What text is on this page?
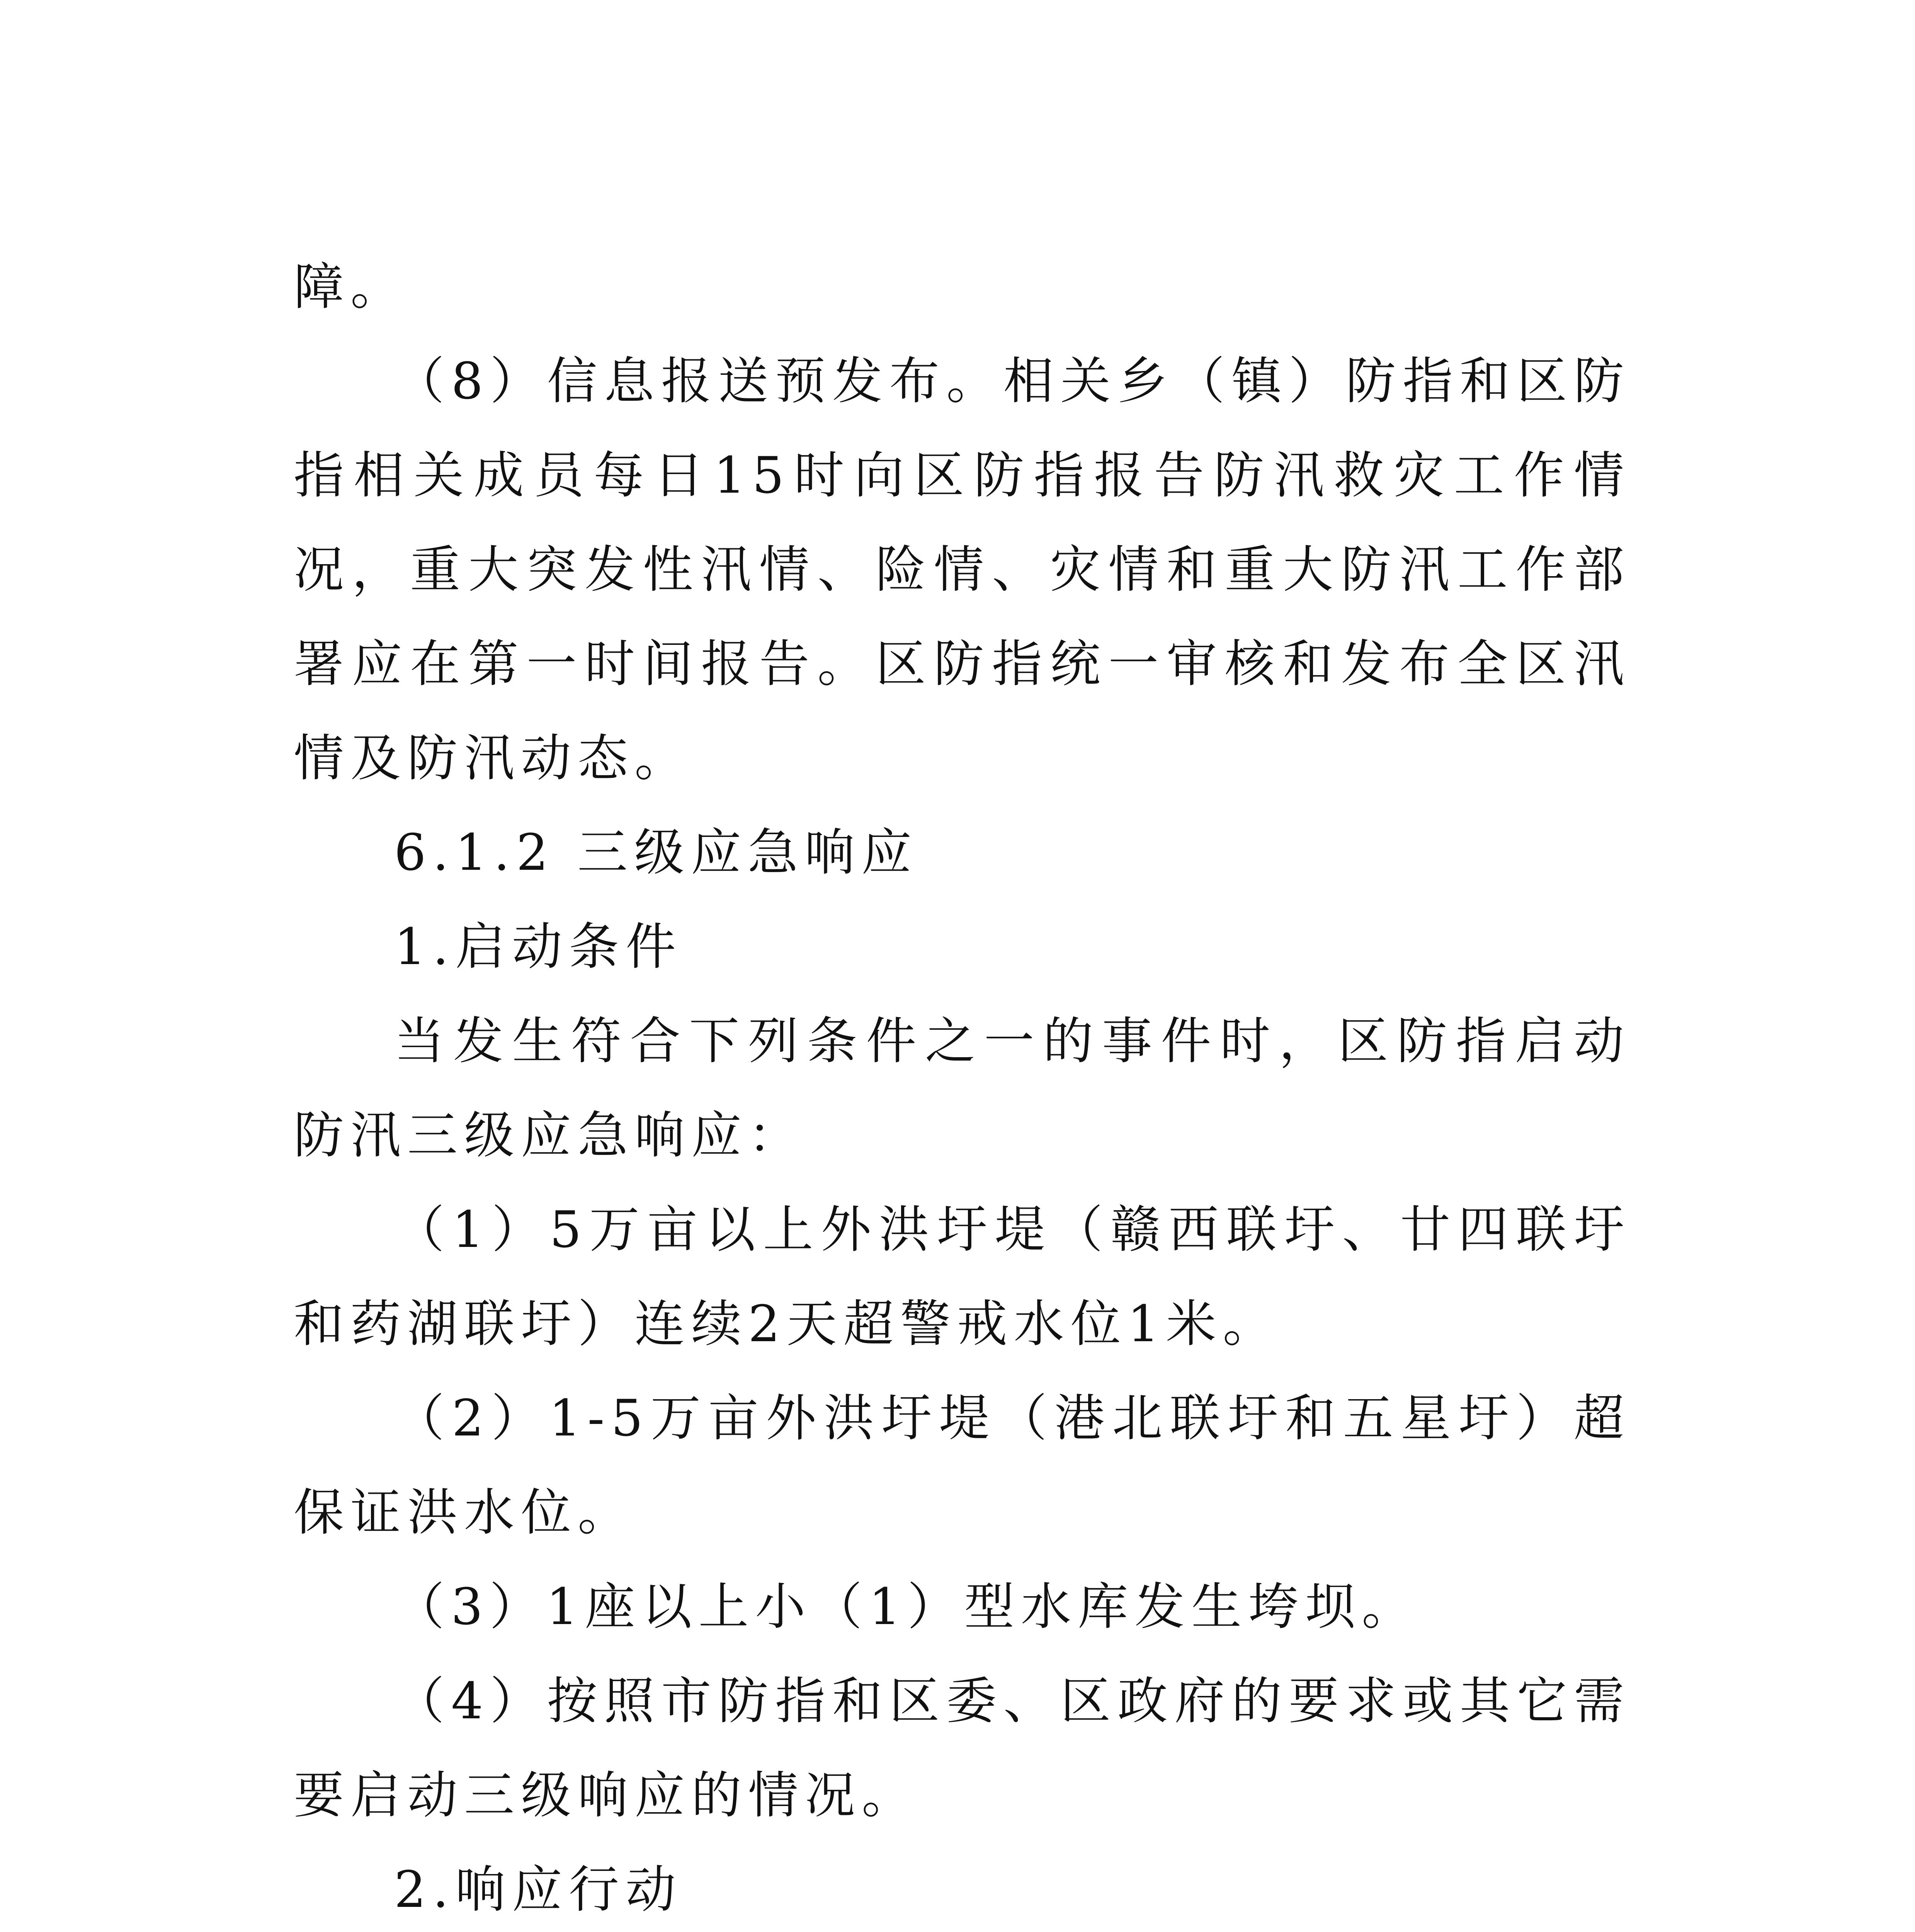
障。

（8）信息报送预发布。相关乡（镇）防指和区防指相关成员每日15时向区防指报告防汛救灾工作情况，重大突发性汛情、险情、灾情和重大防汛工作部署应在第一时间报告。区防指统一审核和发布全区汛情及防汛动态。

6.1.2 三级应急响应

1.启动条件

当发生符合下列条件之一的事件时，区防指启动防汛三级应急响应：

（1）5万亩以上外洪圩堤（赣西联圩、廿四联圩和药湖联圩）连续2天超警戒水位1米。

（2）1-5万亩外洪圩堤（港北联圩和五星圩）超保证洪水位。

（3）1座以上小（1）型水库发生垮坝。

（4）按照市防指和区委、区政府的要求或其它需要启动三级响应的情况。

2.响应行动
